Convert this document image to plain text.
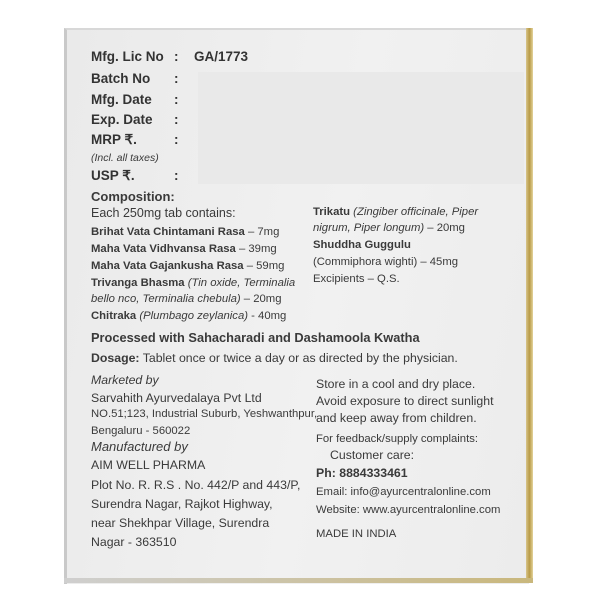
Mfg. Lic No : GA/1773
Batch No :
Mfg. Date :
Exp. Date :
MRP ₹.	:
(Incl. all taxes)
USP ₹.	:
Composition:
Each 250mg tab contains:
Brihat Vata Chintamani Rasa – 7mg
Maha Vata Vidhvansa Rasa – 39mg
Maha Vata Gajankusha Rasa – 59mg
Trivanga Bhasma (Tin oxide, Terminalia
bello nco, Terminalia chebula) – 20mg
Chitraka (Plumbago zeylanica) - 40mg
Trikatu (Zingiber officinale, Piper
nigrum, Piper longum) – 20mg
Shuddha Guggulu
(Commiphora wighti) – 45mg
Excipients – Q.S.
Processed with Sahacharadi and Dashamoola Kwatha
Dosage: Tablet once or twice a day or as directed by the physician.
Marketed by
Sarvahith Ayurvedalaya Pvt Ltd
NO.51;123, Industrial Suburb, Yeshwanthpur,
Bengaluru - 560022
Manufactured by
AIM WELL PHARMA
Plot No. R. R.S . No. 442/P and 443/P,
Surendra Nagar, Rajkot Highway,
near Shekhpar Village, Surendra
Nagar - 363510
Store in a cool and dry place.
Avoid exposure to direct sunlight
and keep away from children.
For feedback/supply complaints:
Customer care:
Ph: 8884333461
Email: info@ayurcentralonline.com
Website: www.ayurcentralonline.com
MADE IN INDIA
